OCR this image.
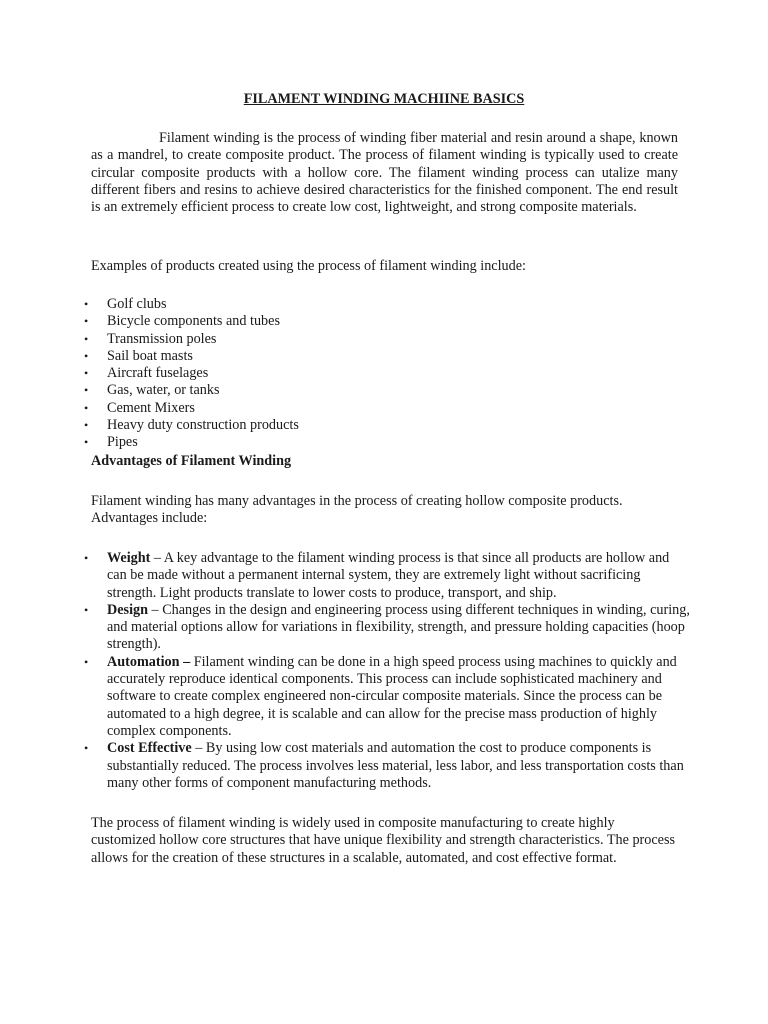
FILAMENT WINDING MACHIINE BASICS
Filament winding is the process of winding fiber material and resin around a shape, known as a mandrel, to create composite product. The process of filament winding is typically used to create circular composite products with a hollow core. The filament winding process can utalize many different fibers and resins to achieve desired characteristics for the finished component. The end result is an extremely efficient process to create low cost, lightweight, and strong composite materials.
Examples of products created using the process of filament winding include:
• Golf clubs
• Bicycle components and tubes
• Transmission poles
• Sail boat masts
• Aircraft fuselages
• Gas, water, or tanks
• Cement Mixers
• Heavy duty construction products
• Pipes
Advantages of Filament Winding
Filament winding has many advantages in the process of creating hollow composite products. Advantages include:
• Weight – A key advantage to the filament winding process is that since all products are hollow and can be made without a permanent internal system, they are extremely light without sacrificing strength. Light products translate to lower costs to produce, transport, and ship.
• Design – Changes in the design and engineering process using different techniques in winding, curing, and material options allow for variations in flexibility, strength, and pressure holding capacities (hoop strength).
• Automation – Filament winding can be done in a high speed process using machines to quickly and accurately reproduce identical components. This process can include sophisticated machinery and software to create complex engineered non-circular composite materials. Since the process can be automated to a high degree, it is scalable and can allow for the precise mass production of highly complex components.
• Cost Effective – By using low cost materials and automation the cost to produce components is substantially reduced. The process involves less material, less labor, and less transportation costs than many other forms of component manufacturing methods.
The process of filament winding is widely used in composite manufacturing to create highly customized hollow core structures that have unique flexibility and strength characteristics. The process allows for the creation of these structures in a scalable, automated, and cost effective format.
